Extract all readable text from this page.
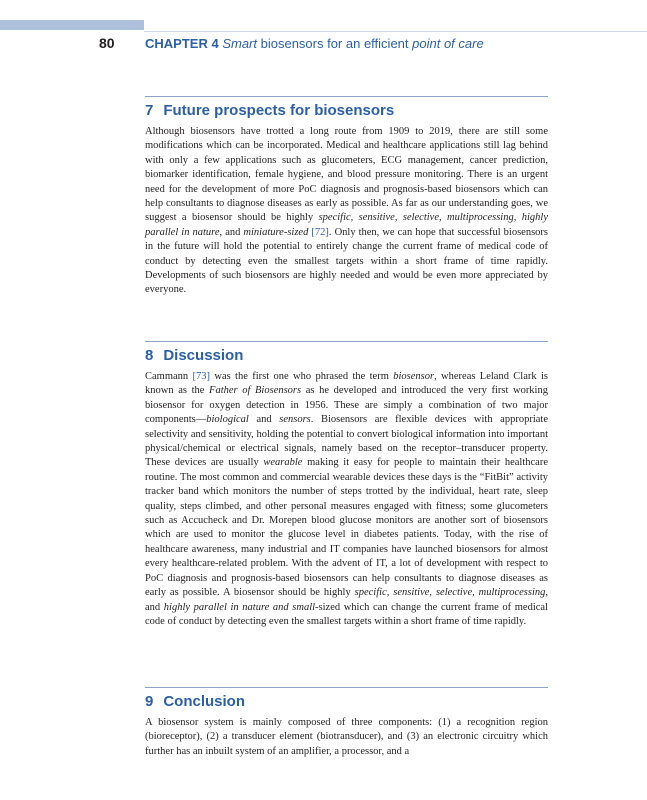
80 CHAPTER 4 Smart biosensors for an efficient point of care
7 Future prospects for biosensors

Although biosensors have trotted a long route from 1909 to 2019, there are still some modifications which can be incorporated. Medical and healthcare applications still lag behind with only a few applications such as glucometers, ECG management, cancer prediction, biomarker identification, female hygiene, and blood pressure monitoring. There is an urgent need for the development of more PoC diagnosis and prognosis-based biosensors which can help consultants to diagnose diseases as early as possible. As far as our understanding goes, we suggest a biosensor should be highly specific, sensitive, selective, multiprocessing, highly parallel in nature, and miniature-sized [72]. Only then, we can hope that successful biosensors in the future will hold the potential to entirely change the current frame of medical code of conduct by detecting even the smallest targets within a short frame of time rapidly. Developments of such biosensors are highly needed and would be even more appreciated by everyone.

8 Discussion

Cammann [73] was the first one who phrased the term biosensor, whereas Leland Clark is known as the Father of Biosensors as he developed and introduced the very first working biosensor for oxygen detection in 1956. These are simply a combination of two major components—biological and sensors. Biosensors are flexible devices with appropriate selectivity and sensitivity, holding the potential to convert biological information into important physical/chemical or electrical signals, namely based on the receptor–transducer property. These devices are usually wearable making it easy for people to maintain their healthcare routine. The most common and commercial wearable devices these days is the “FitBit” activity tracker band which monitors the number of steps trotted by the individual, heart rate, sleep quality, steps climbed, and other personal measures engaged with fitness; some glucometers such as Accucheck and Dr. Morepen blood glucose monitors are another sort of biosensors which are used to monitor the glucose level in diabetes patients. Today, with the rise of healthcare awareness, many industrial and IT companies have launched biosensors for almost every healthcare-related problem. With the advent of IT, a lot of development with respect to PoC diagnosis and prognosis-based biosensors can help consultants to diagnose diseases as early as possible. A biosensor should be highly specific, sensitive, selective, multiprocessing, and highly parallel in nature and small-sized which can change the current frame of medical code of conduct by detecting even the smallest targets within a short frame of time rapidly.

9 Conclusion

A biosensor system is mainly composed of three components: (1) a recognition region (bioreceptor), (2) a transducer element (biotransducer), and (3) an electronic circuitry which further has an inbuilt system of an amplifier, a processor, and a
